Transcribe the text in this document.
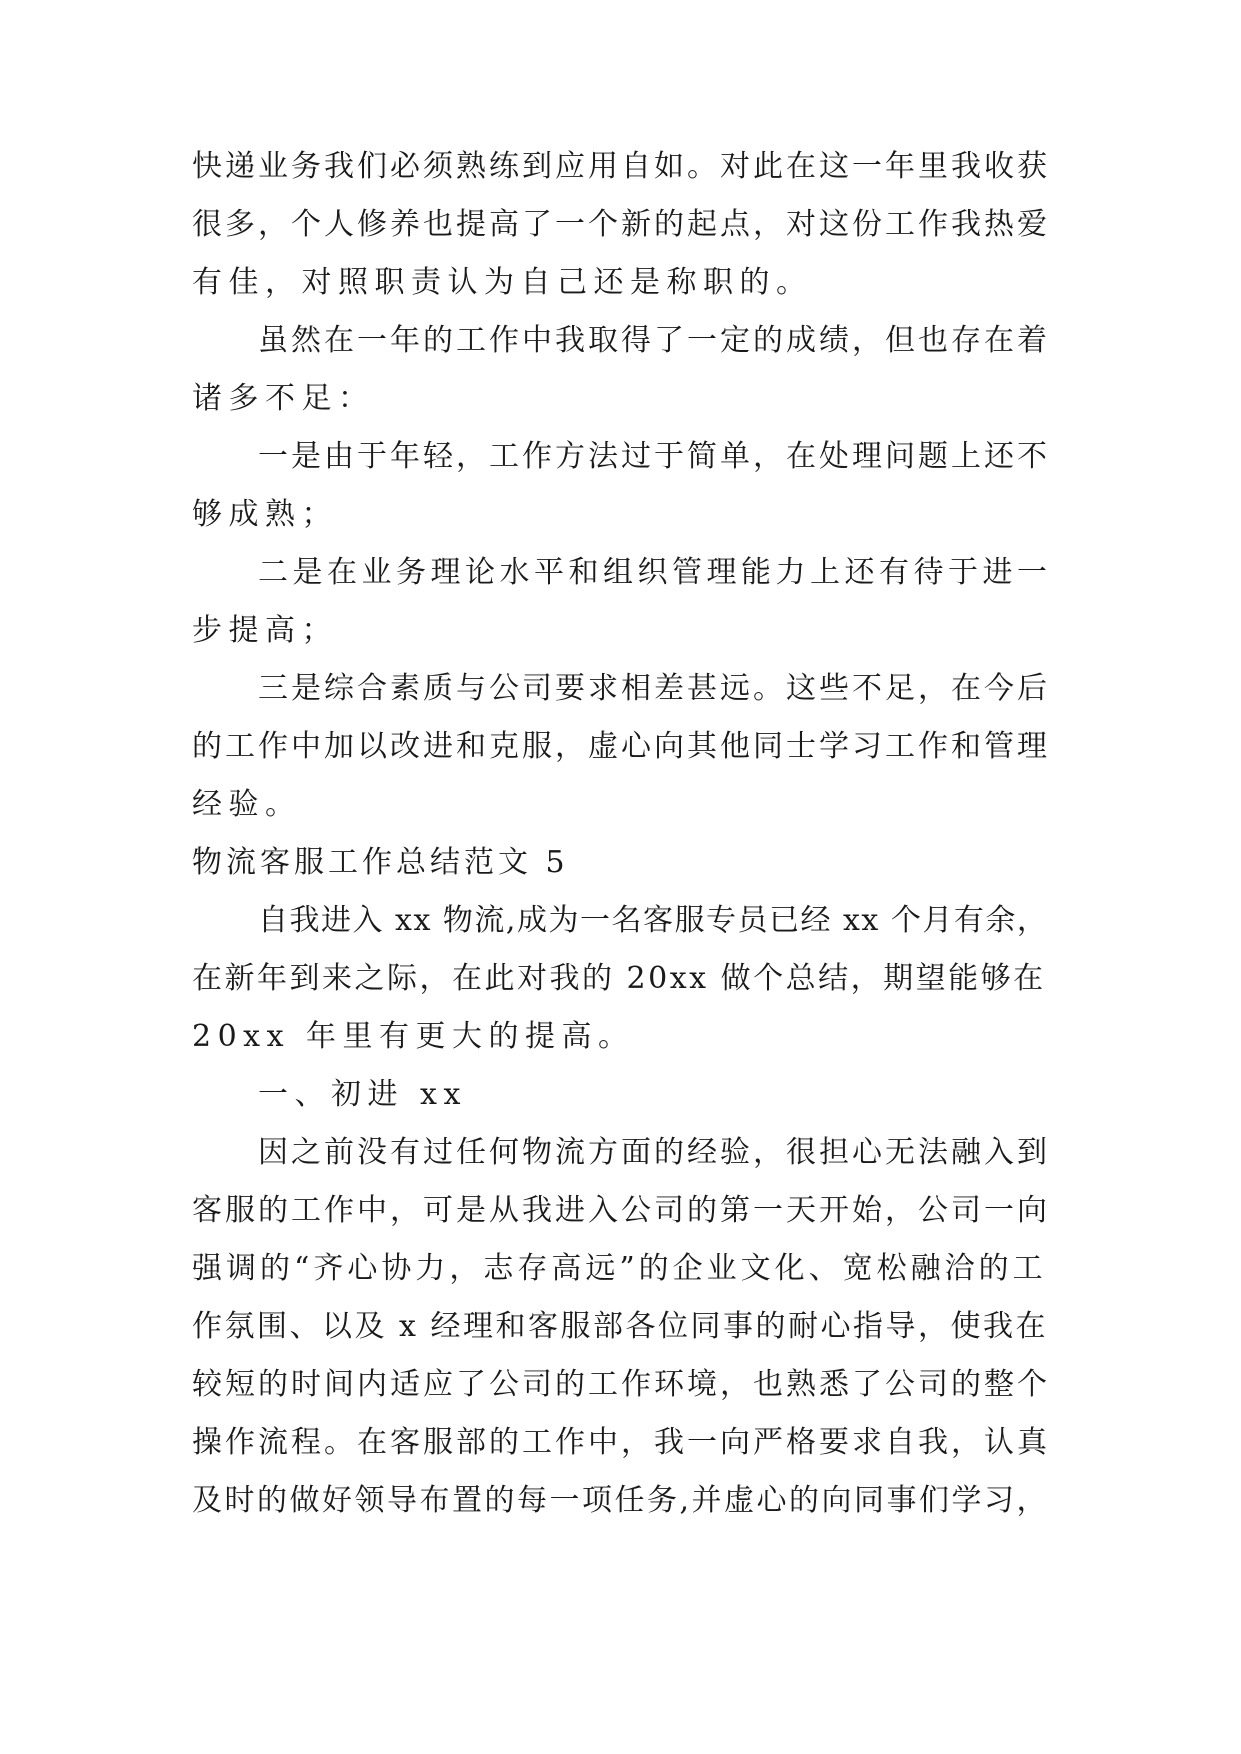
快递业务我们必须熟练到应用自如。对此在这一年里我收获
很多，个人修养也提高了一个新的起点，对这份工作我热爱
有佳，对照职责认为自己还是称职的。
虽然在一年的工作中我取得了一定的成绩，但也存在着
诸多不足：
一是由于年轻，工作方法过于简单，在处理问题上还不
够成熟；
二是在业务理论水平和组织管理能力上还有待于进一
步提高；
三是综合素质与公司要求相差甚远。这些不足，在今后
的工作中加以改进和克服，虚心向其他同士学习工作和管理
经验。
物流客服工作总结范文 5
自我进入 xx 物流,成为一名客服专员已经 xx 个月有余，
在新年到来之际，在此对我的 20xx 做个总结，期望能够在
20xx 年里有更大的提高。
一、初进 xx
因之前没有过任何物流方面的经验，很担心无法融入到
客服的工作中，可是从我进入公司的第一天开始，公司一向
强调的“齐心协力，志存高远”的企业文化、宽松融洽的工
作氛围、以及 x 经理和客服部各位同事的耐心指导，使我在
较短的时间内适应了公司的工作环境，也熟悉了公司的整个
操作流程。在客服部的工作中，我一向严格要求自我，认真
及时的做好领导布置的每一项任务,并虚心的向同事们学习，
